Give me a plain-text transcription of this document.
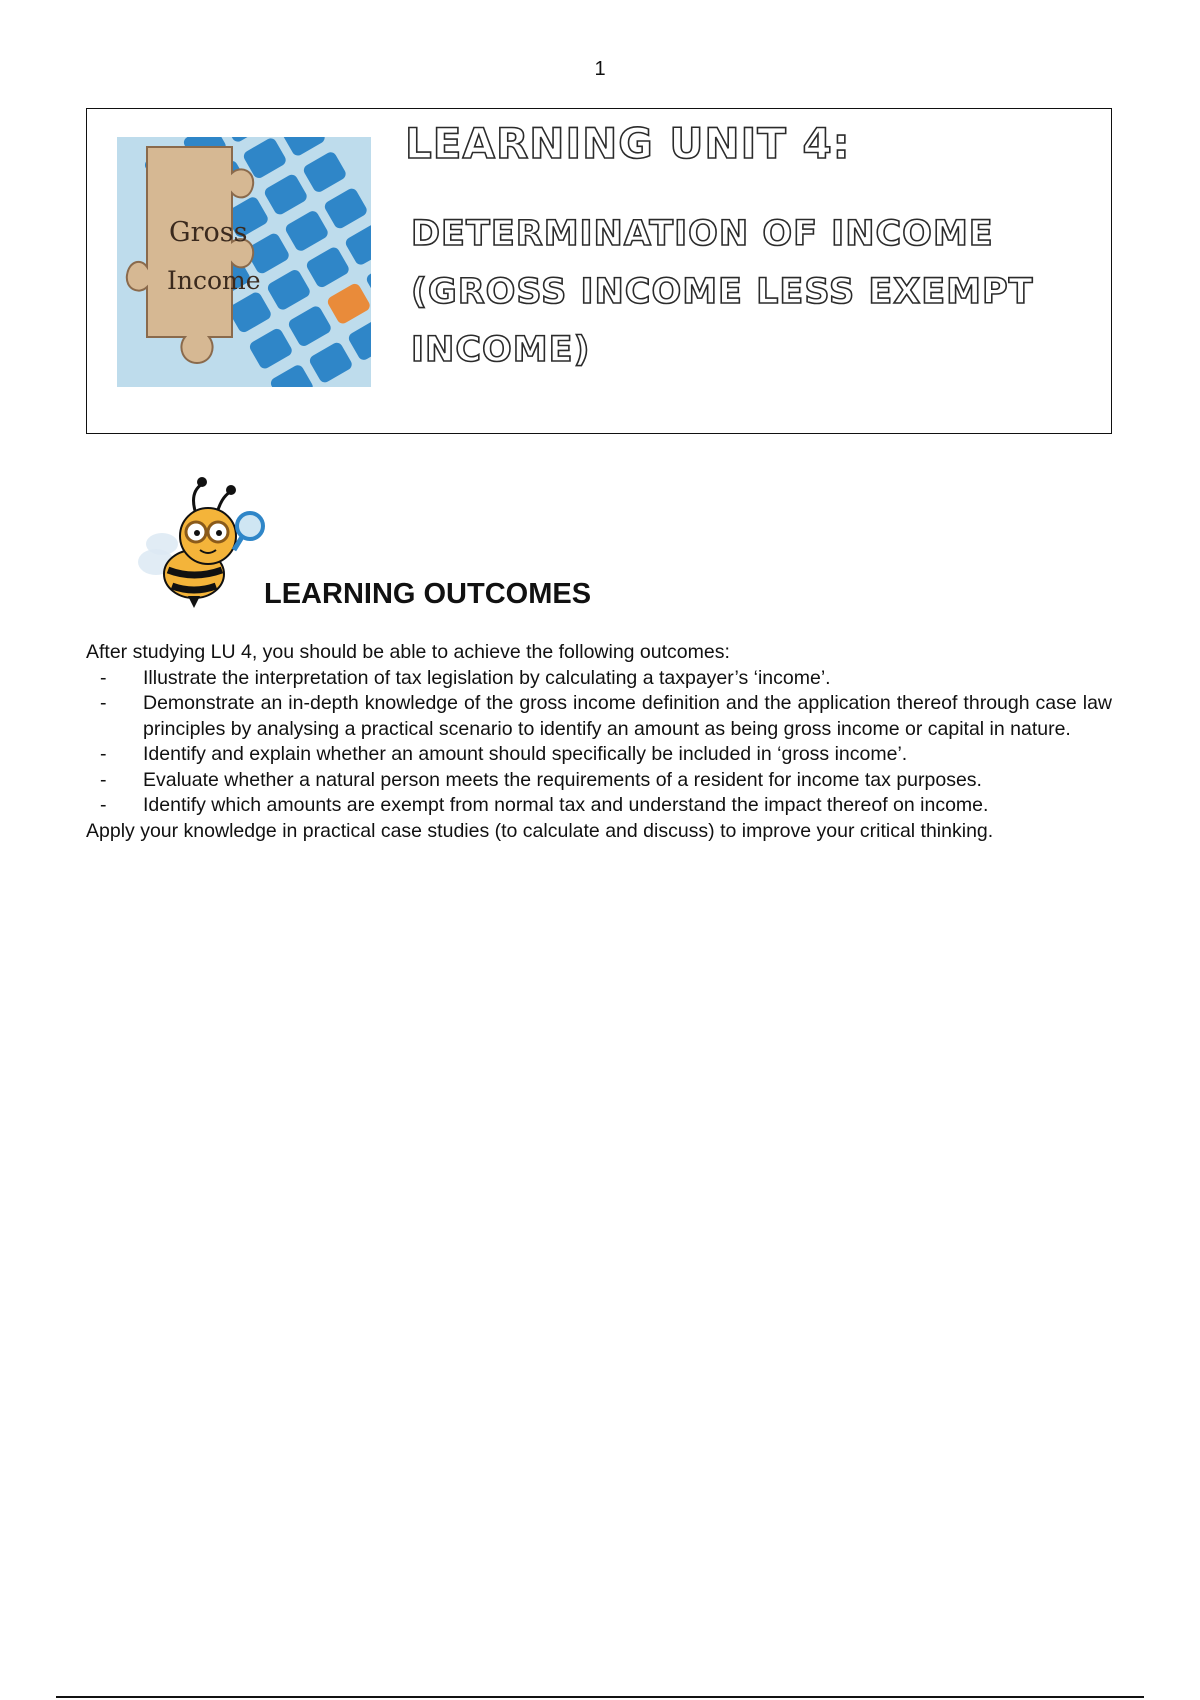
1
Gross
Income
LEARNING UNIT 4:
DETERMINATION OF INCOME
(GROSS INCOME LESS EXEMPT
INCOME)
LEARNING OUTCOMES

After studying LU 4, you should be able to achieve the following outcomes:

- Illustrate the interpretation of tax legislation by calculating a taxpayer’s ‘income’.
- Demonstrate an in-depth knowledge of the gross income definition and the application thereof through case law principles by analysing a practical scenario to identify an amount as being gross income or capital in nature.
- Identify and explain whether an amount should specifically be included in ‘gross income’.
- Evaluate whether a natural person meets the requirements of a resident for income tax purposes.
- Identify which amounts are exempt from normal tax and understand the impact thereof on income.

Apply your knowledge in practical case studies (to calculate and discuss) to improve your critical thinking.
